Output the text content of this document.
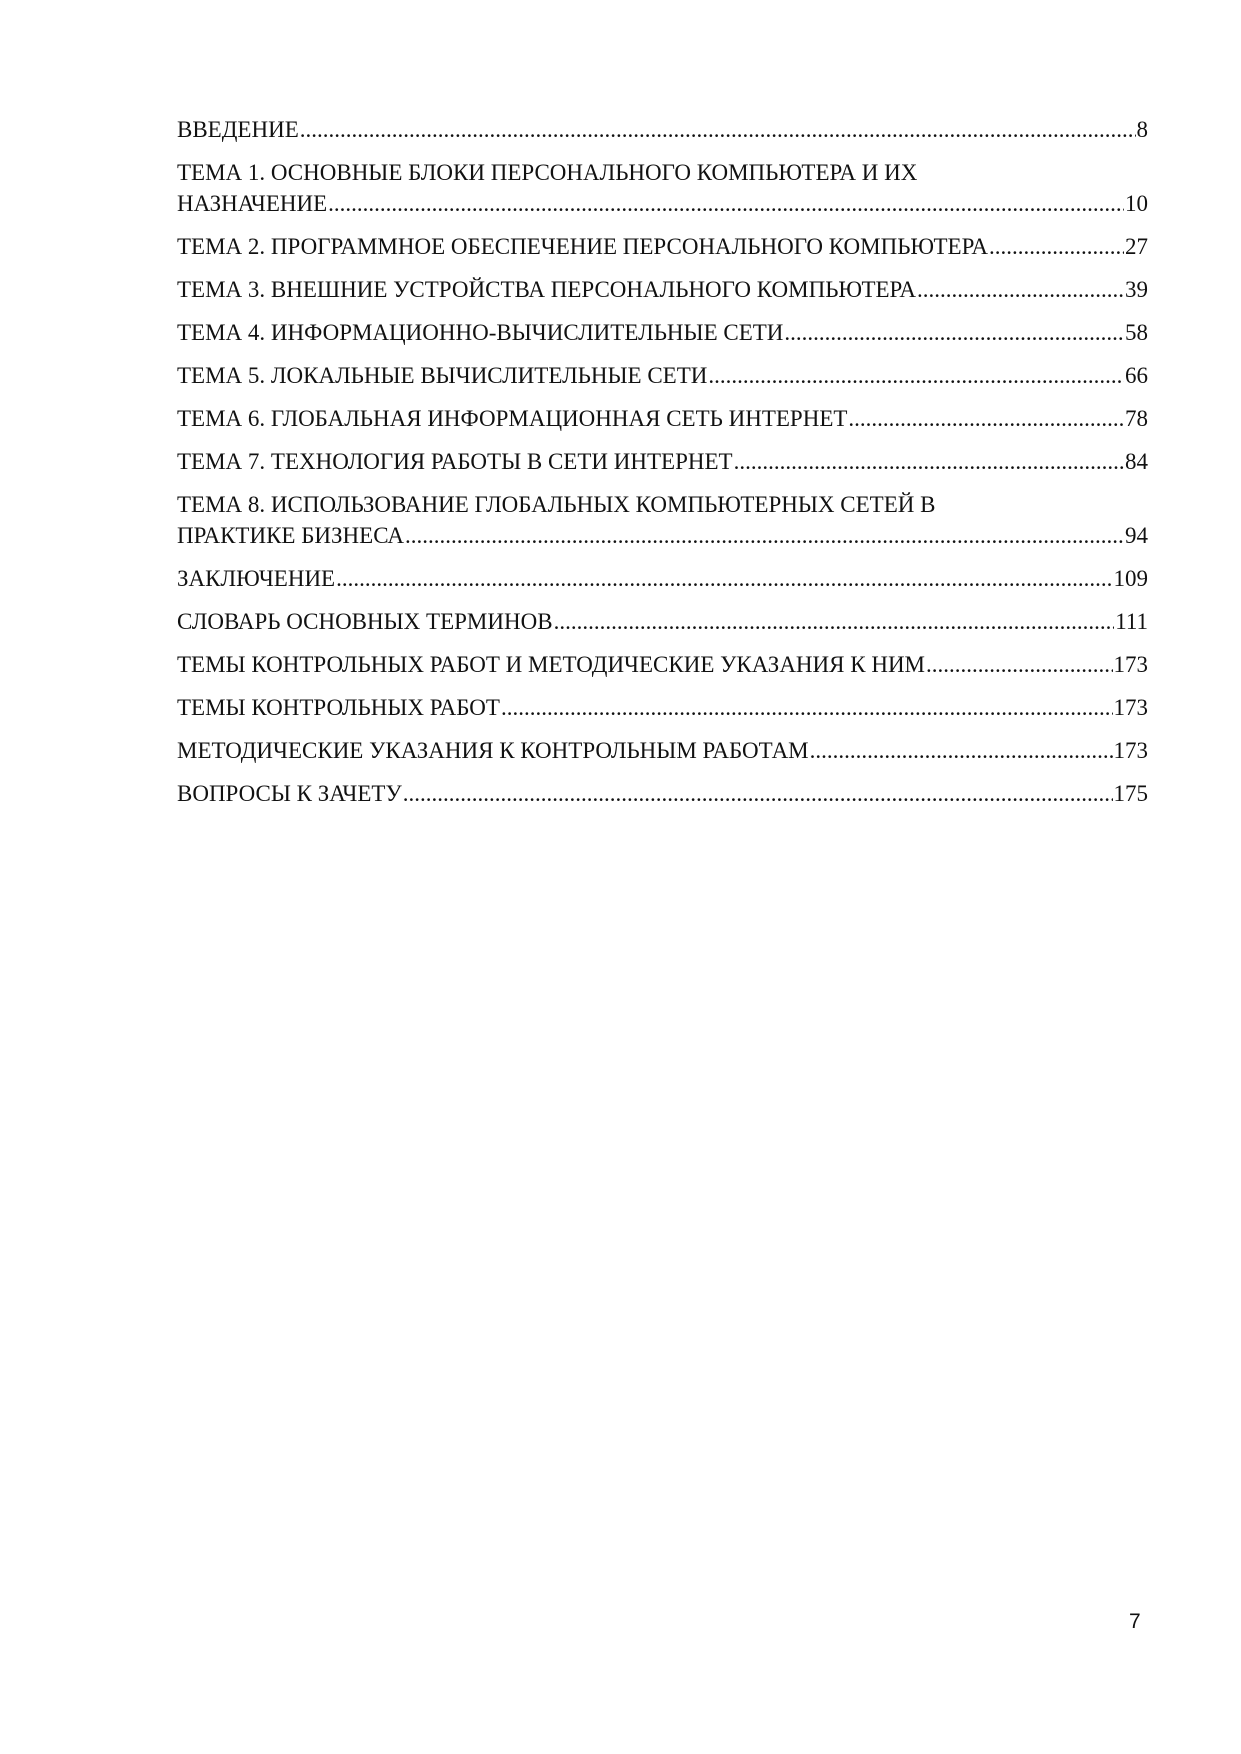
ВВЕДЕНИЕ .....	8
ТЕМА 1. ОСНОВНЫЕ БЛОКИ ПЕРСОНАЛЬНОГО КОМПЬЮТЕРА И ИХ
НАЗНАЧЕНИЕ .....	10
ТЕМА 2. ПРОГРАММНОЕ ОБЕСПЕЧЕНИЕ ПЕРСОНАЛЬНОГО КОМПЬЮТЕРА .....	27
ТЕМА 3. ВНЕШНИЕ УСТРОЙСТВА ПЕРСОНАЛЬНОГО КОМПЬЮТЕРА .....	39
ТЕМА 4. ИНФОРМАЦИОННО-ВЫЧИСЛИТЕЛЬНЫЕ СЕТИ .....	58
ТЕМА 5. ЛОКАЛЬНЫЕ ВЫЧИСЛИТЕЛЬНЫЕ СЕТИ .....	66
ТЕМА 6. ГЛОБАЛЬНАЯ ИНФОРМАЦИОННАЯ СЕТЬ ИНТЕРНЕТ .....	78
ТЕМА 7. ТЕХНОЛОГИЯ РАБОТЫ В СЕТИ ИНТЕРНЕТ .....	84
ТЕМА 8. ИСПОЛЬЗОВАНИЕ ГЛОБАЛЬНЫХ КОМПЬЮТЕРНЫХ СЕТЕЙ В
ПРАКТИКЕ БИЗНЕСА .....	94
ЗАКЛЮЧЕНИЕ .....	109
СЛОВАРЬ ОСНОВНЫХ ТЕРМИНОВ .....	111
ТЕМЫ КОНТРОЛЬНЫХ РАБОТ И МЕТОДИЧЕСКИЕ УКАЗАНИЯ К НИМ .....	173
ТЕМЫ КОНТРОЛЬНЫХ РАБОТ .....	173
МЕТОДИЧЕСКИЕ УКАЗАНИЯ К КОНТРОЛЬНЫМ РАБОТАМ .....	173
ВОПРОСЫ К ЗАЧЕТУ .....	175
7
